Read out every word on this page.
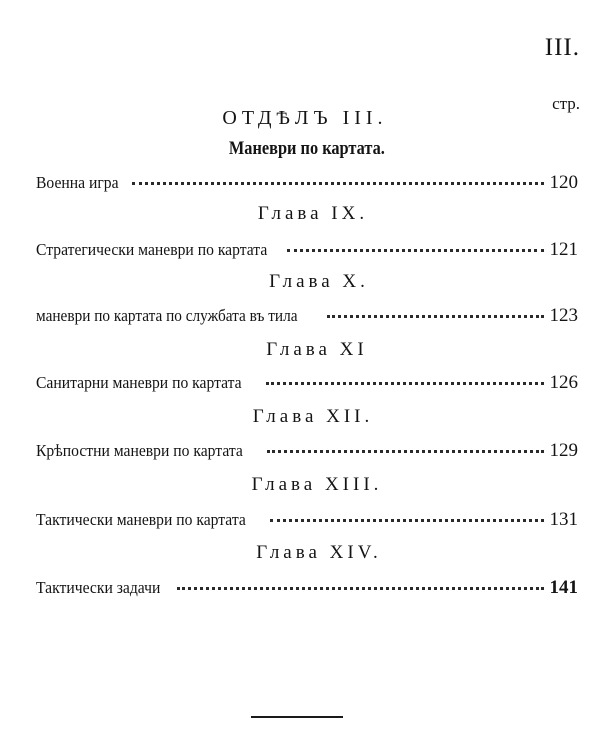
III.
стр.
ОТДѢЛЪ III.
Маневри по картата.
Военна игра	120
Глава IX.
Стратегически маневри по картата	121
Глава X.
маневри по картата по службата въ тила	123
Глава XI
Санитарни маневри по картата	126
Глава XII.
Крѣпостни маневри по картата	129
Глава XIII.
Тактически маневри по картата	131
Глава XIV.
Тактически задачи	141
